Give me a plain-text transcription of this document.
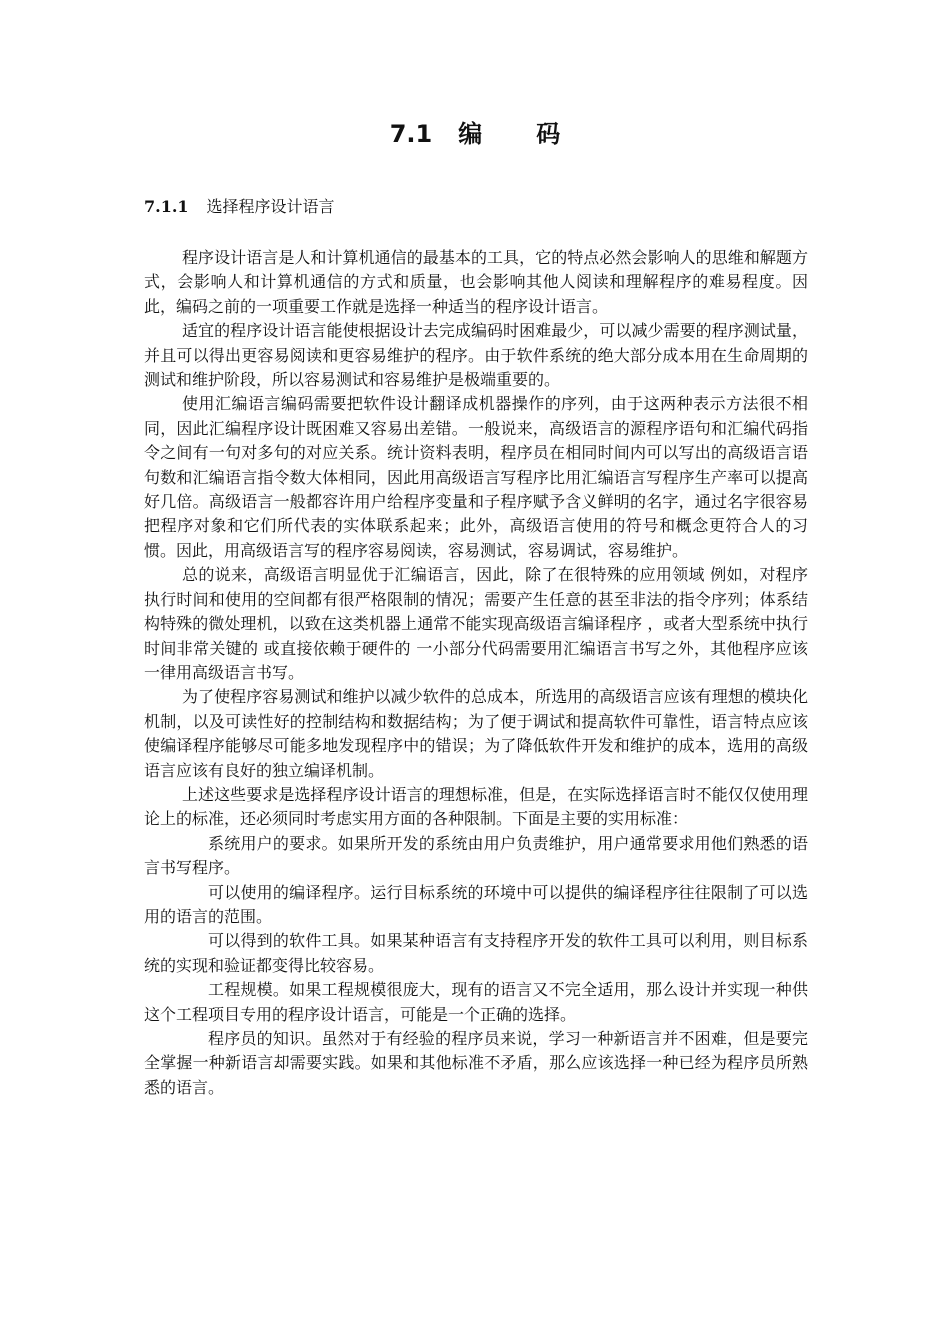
7.1 编码
7.1.1 选择程序设计语言

程序设计语言是人和计算机通信的最基本的工具，它的特点必然会影响人的思维和解题方式，会影响人和计算机通信的方式和质量，也会影响其他人阅读和理解程序的难易程度。因此，编码之前的一项重要工作就是选择一种适当的程序设计语言。

适宜的程序设计语言能使根据设计去完成编码时困难最少，可以减少需要的程序测试量，并且可以得出更容易阅读和更容易维护的程序。由于软件系统的绝大部分成本用在生命周期的测试和维护阶段，所以容易测试和容易维护是极端重要的。

使用汇编语言编码需要把软件设计翻译成机器操作的序列，由于这两种表示方法很不相同，因此汇编程序设计既困难又容易出差错。一般说来，高级语言的源程序语句和汇编代码指令之间有一句对多句的对应关系。统计资料表明，程序员在相同时间内可以写出的高级语言语句数和汇编语言指令数大体相同，因此用高级语言写程序比用汇编语言写程序生产率可以提高好几倍。高级语言一般都容许用户给程序变量和子程序赋予含义鲜明的名字，通过名字很容易把程序对象和它们所代表的实体联系起来；此外，高级语言使用的符号和概念更符合人的习惯。因此，用高级语言写的程序容易阅读，容易测试，容易调试，容易维护。

总的说来，高级语言明显优于汇编语言，因此，除了在很特殊的应用领域 例如，对程序执行时间和使用的空间都有很严格限制的情况；需要产生任意的甚至非法的指令序列；体系结构特殊的微处理机，以致在这类机器上通常不能实现高级语言编译程序 ，或者大型系统中执行时间非常关键的 或直接依赖于硬件的 一小部分代码需要用汇编语言书写之外，其他程序应该一律用高级语言书写。

为了使程序容易测试和维护以减少软件的总成本，所选用的高级语言应该有理想的模块化机制，以及可读性好的控制结构和数据结构；为了便于调试和提高软件可靠性，语言特点应该使编译程序能够尽可能多地发现程序中的错误；为了降低软件开发和维护的成本，选用的高级语言应该有良好的独立编译机制。

上述这些要求是选择程序设计语言的理想标准，但是，在实际选择语言时不能仅仅使用理论上的标准，还必须同时考虑实用方面的各种限制。下面是主要的实用标准：

系统用户的要求。如果所开发的系统由用户负责维护，用户通常要求用他们熟悉的语言书写程序。

可以使用的编译程序。运行目标系统的环境中可以提供的编译程序往往限制了可以选用的语言的范围。

可以得到的软件工具。如果某种语言有支持程序开发的软件工具可以利用，则目标系统的实现和验证都变得比较容易。

工程规模。如果工程规模很庞大，现有的语言又不完全适用，那么设计并实现一种供这个工程项目专用的程序设计语言，可能是一个正确的选择。

程序员的知识。虽然对于有经验的程序员来说，学习一种新语言并不困难，但是要完全掌握一种新语言却需要实践。如果和其他标准不矛盾，那么应该选择一种已经为程序员所熟悉的语言。
